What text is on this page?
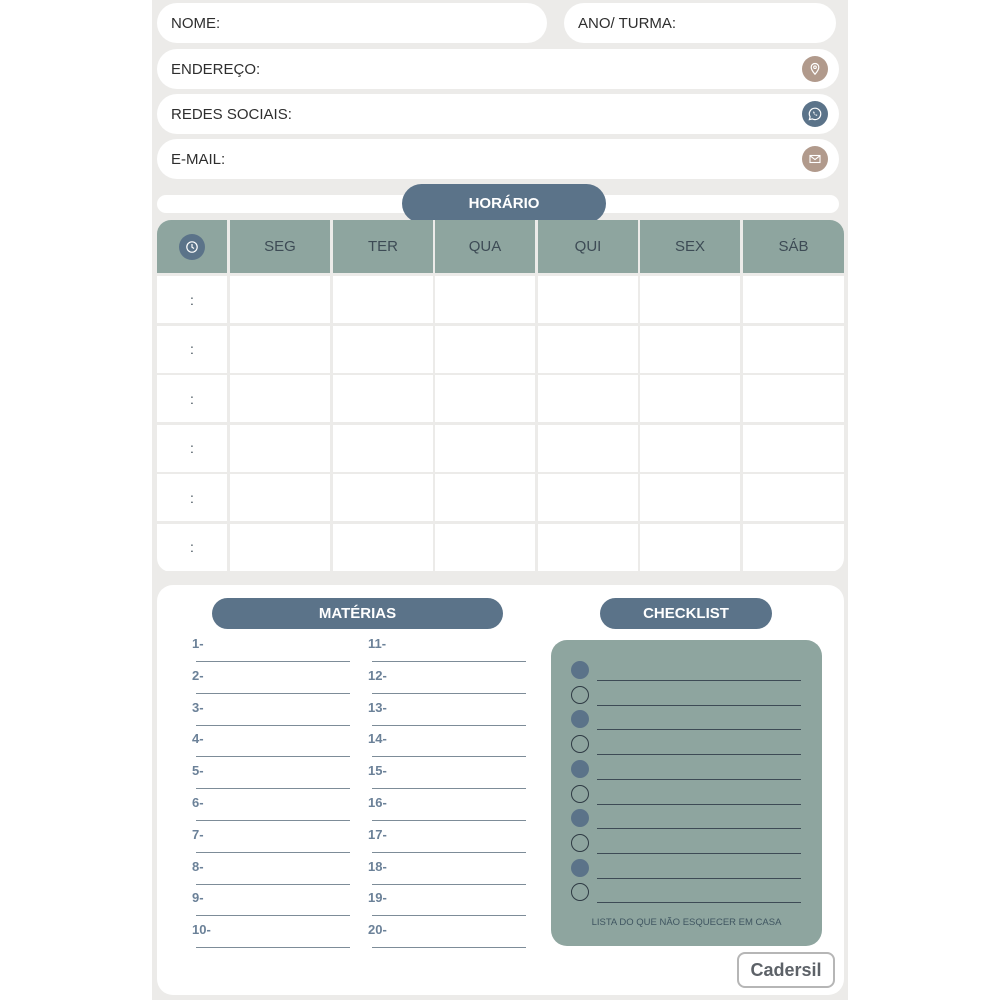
NOME:	ANO/ TURMA:
ENDEREÇO:
REDES SOCIAIS:
E-MAIL:
HORÁRIO
SEG	TER	QUA	QUI	SEX	SÁB
:
:
:
:
:
:
MATÉRIAS
1-
2-
3-
4-
5-
6-
7-
8-
9-
10-
11-
12-
13-
14-
15-
16-
17-
18-
19-
20-
CHECKLIST
LISTA DO QUE NÃO ESQUECER EM CASA
Cadersil
